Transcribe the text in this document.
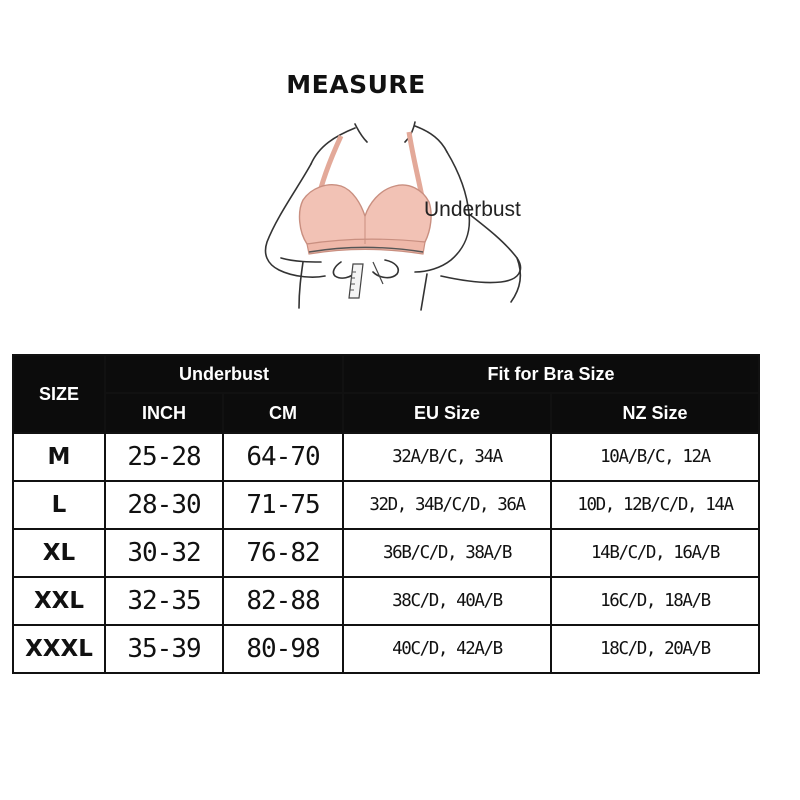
MEASURE
Underbust
SIZE	Underbust		Fit for Bra Size	
	INCH	CM	EU Size	NZ Size
M	25-28	64-70	32A/B/C, 34A	10A/B/C, 12A
L	28-30	71-75	32D, 34B/C/D, 36A	10D, 12B/C/D, 14A
XL	30-32	76-82	36B/C/D, 38A/B	14B/C/D, 16A/B
XXL	32-35	82-88	38C/D, 40A/B	16C/D, 18A/B
XXXL	35-39	80-98	40C/D, 42A/B	18C/D, 20A/B
